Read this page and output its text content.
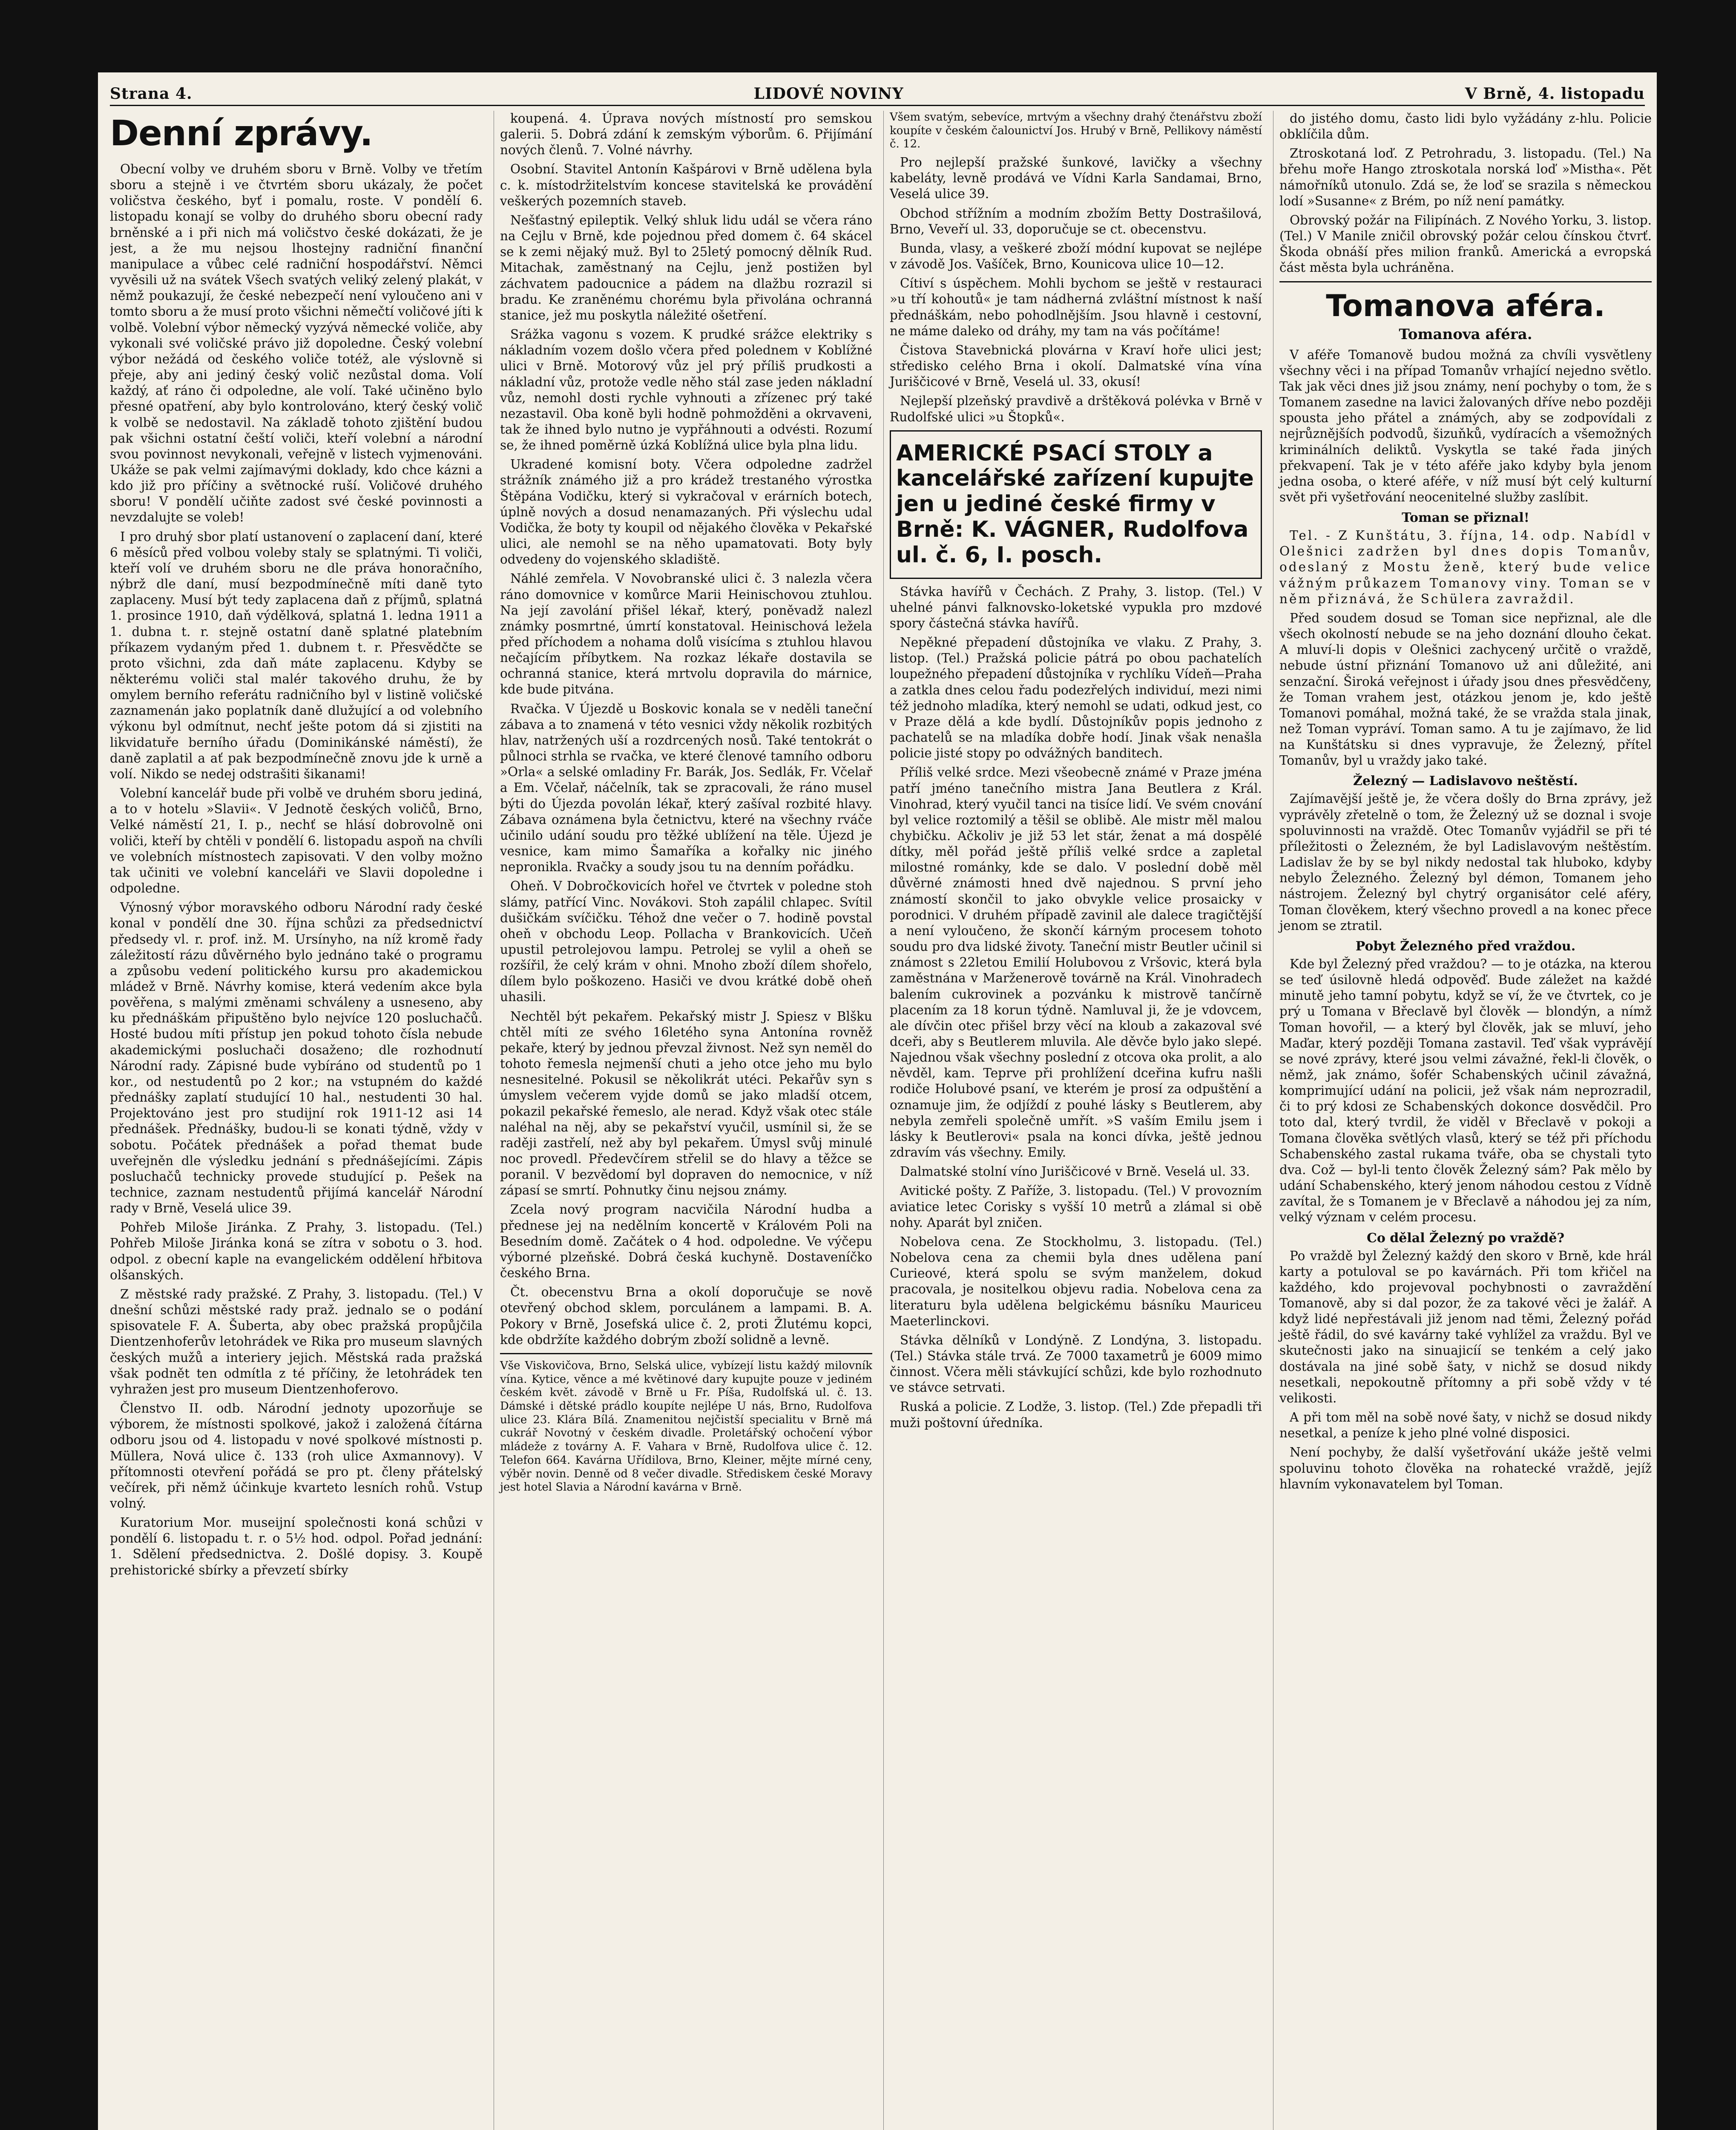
Strana 4.	LIDOVÉ NOVINY	V Brně, 4. listopadu
Denní zprávy.

Obecní volby ve druhém sboru v Brně. Volby ve třetím sboru a stejně i ve čtvrtém sboru ukázaly, že počet voličstva českého, byť i pomalu, roste. V pondělí 6. listopadu konají se volby do druhého sboru obecní rady brněnské a i při nich má voličstvo české dokázati, že je jest, a že mu nejsou lhostejny radniční finanční manipulace a vůbec celé radniční hospodářství. Němci vyvěsili už na svátek Všech svatých veliký zelený plakát, v němž poukazují, že české nebezpečí není vyloučeno ani v tomto sboru a že musí proto všichni němečtí voličové jíti k volbě. Volební výbor německý vyzývá německé voliče, aby vykonali své voličské právo již dopoledne. Český volební výbor nežádá od českého voliče totéž, ale výslovně si přeje, aby ani jediný český volič nezůstal doma. Volí každý, ať ráno či odpoledne, ale volí. Také učiněno bylo přesné opatření, aby bylo kontrolováno, který český volič k volbě se nedostavil. Na základě tohoto zjištění budou pak všichni ostatní čeští voliči, kteří volební a národní svou povinnost nevykonali, veřejně v listech vyjmenováni. Ukáže se pak velmi zajímavými doklady, kdo chce kázni a kdo již pro příčiny a světnocké ruší. Voličové druhého sboru! V pondělí učiňte zadost své české povinnosti a nevzdalujte se voleb!

I pro druhý sbor platí ustanovení o zaplacení daní, které 6 měsíců před volbou voleby staly se splatnými. Ti voliči, kteří volí ve druhém sboru ne dle práva honoračního, nýbrž dle daní, musí bezpodmínečně míti daně tyto zaplaceny. Musí být tedy zaplacena daň z příjmů, splatná 1. prosince 1910, daň výdělková, splatná 1. ledna 1911 a 1. dubna t. r. stejně ostatní daně splatné platebním příkazem vydaným před 1. dubnem t. r. Přesvědčte se proto všichni, zda daň máte zaplacenu. Kdyby se některému voliči stal malér takového druhu, že by omylem berního referátu radničního byl v listině voličské zaznamenán jako poplatník daně dlužující a od volebního výkonu byl odmítnut, nechť ješte potom dá si zjistiti na likvidatuře berního úřadu (Dominikánské náměstí), že daně zaplatil a ať pak bezpodmínečně znovu jde k urně a volí. Nikdo se nedej odstrašiti šikanami!

Volební kancelář bude při volbě ve druhém sboru jediná, a to v hotelu »Slavii«. V Jednotě českých voličů, Brno, Velké náměstí 21, I. p., nechť se hlásí dobrovolně oni voliči, kteří by chtěli v pondělí 6. listopadu aspoň na chvíli ve volebních místnostech zapisovati. V den volby možno tak učiniti ve volební kanceláři ve Slavii dopoledne i odpoledne.

Výnosný výbor moravského odboru Národní rady české konal v pondělí dne 30. října schůzi za předsednictví předsedy vl. r. prof. inž. M. Ursínyho, na níž kromě řady záležitostí rázu důvěrného bylo jednáno také o programu a způsobu vedení politického kursu pro akademickou mládež v Brně. Návrhy komise, která vedením akce byla pověřena, s malými změnami schváleny a usneseno, aby ku přednáškám připuštěno bylo nejvíce 120 posluchačů. Hosté budou míti přístup jen pokud tohoto čísla nebude akademickými posluchači dosaženo; dle rozhodnutí Národní rady. Zápisné bude vybíráno od studentů po 1 kor., od nestudentů po 2 kor.; na vstupném do každé přednášky zaplatí studující 10 hal., nestudenti 30 hal. Projektováno jest pro studijní rok 1911-12 asi 14 přednášek. Přednášky, budou-li se konati týdně, vždy v sobotu. Počátek přednášek a pořad themat bude uveřejněn dle výsledku jednání s přednášejícími. Zápis posluchačů technicky provede studující p. Pešek na technice, zaznam nestudentů přijímá kancelář Národní rady v Brně, Veselá ulice 39.

Pohřeb Miloše Jiránka. Z Prahy, 3. listopadu. (Tel.) Pohřeb Miloše Jiránka koná se zítra v sobotu o 3. hod. odpol. z obecní kaple na evangelickém oddělení hřbitova olšanských.

Z městské rady pražské. Z Prahy, 3. listopadu. (Tel.) V dnešní schůzi městské rady praž. jednalo se o podání spisovatele F. A. Šuberta, aby obec pražská propůjčila Dientzenhoferův letohrádek ve Rika pro museum slavných českých mužů a interiery jejich. Městská rada pražská však podnět ten odmítla z té příčiny, že letohrádek ten vyhražen jest pro museum Dientzenhoferovo.

Členstvo II. odb. Národní jednoty upozorňuje se výborem, že místnosti spolkové, jakož i založená čítárna odboru jsou od 4. listopadu v nové spolkové místnosti p. Müllera, Nová ulice č. 133 (roh ulice Axmannovy). V přítomnosti otevření pořádá se pro pt. členy přátelský večírek, při němž účinkuje kvarteto lesních rohů. Vstup volný.

Kuratorium Mor. museijní společnosti koná schůzi v pondělí 6. listopadu t. r. o 5½ hod. odpol. Pořad jednání: 1. Sdělení předsednictva. 2. Došlé dopisy. 3. Koupě prehistorické sbírky a převzetí sbírky

koupená. 4. Úprava nových místností pro semskou galerii. 5. Dobrá zdání k zemským výborům. 6. Přijímání nových členů. 7. Volné návrhy.

Osobní. Stavitel Antonín Kašpárovi v Brně udělena byla c. k. místodržitelstvím koncese stavitelská ke provádění veškerých pozemních staveb.

Nešťastný epileptik. Velký shluk lidu udál se včera ráno na Cejlu v Brně, kde pojednou před domem č. 64 skácel se k zemi nějaký muž. Byl to 25letý pomocný dělník Rud. Mitachak, zaměstnaný na Cejlu, jenž postižen byl záchvatem padoucnice a pádem na dlažbu rozrazil si bradu. Ke zraněnému chorému byla přivolána ochranná stanice, jež mu poskytla náležité ošetření.

Srážka vagonu s vozem. K prudké srážce elektriky s nákladním vozem došlo včera před polednem v Koblížné ulici v Brně. Motorový vůz jel prý příliš prudkosti a nákladní vůz, protože vedle něho stál zase jeden nákladní vůz, nemohl dosti rychle vyhnouti a zřízenec prý také nezastavil. Oba koně byli hodně pohmožděni a okrvaveni, tak že ihned bylo nutno je vypřáhnouti a odvésti. Rozumí se, že ihned poměrně úzká Koblížná ulice byla plna lidu.

Ukradené komisní boty. Včera odpoledne zadržel strážník známého již a pro krádež trestaného výrostka Štěpána Vodičku, který si vykračoval v erárních botech, úplně nových a dosud nenamazaných. Při výslechu udal Vodička, že boty ty koupil od nějakého člověka v Pekařské ulici, ale nemohl se na něho upamatovati. Boty byly odvedeny do vojenského skladiště.

Náhlé zemřela. V Novobranské ulici č. 3 nalezla včera ráno domovnice v komůrce Marii Heinischovou ztuhlou. Na její zavolání přišel lékař, který, poněvadž nalezl známky posmrtné, úmrtí konstatoval. Heinischová ležela před příchodem a nohama dolů visícíma s ztuhlou hlavou nečajícím příbytkem. Na rozkaz lékaře dostavila se ochranná stanice, která mrtvolu dopravila do márnice, kde bude pitvána.

Rvačka. V Újezdě u Boskovic konala se v neděli taneční zábava a to znamená v této vesnici vždy několik rozbitých hlav, natržených uší a rozdrcených nosů. Také tentokrát o půlnoci strhla se rvačka, ve které členové tamního odboru »Orla« a selské omladiny Fr. Barák, Jos. Sedlák, Fr. Včelař a Em. Včelař, náčelník, tak se zpracovali, že ráno musel býti do Újezda povolán lékař, který zašíval rozbité hlavy. Zábava oznámena byla četnictvu, které na všechny rváče učinilo udání soudu pro těžké ublížení na těle. Újezd je vesnice, kam mimo Šamaříka a kořalky nic jiného nepronikla. Rvačky a soudy jsou tu na denním pořádku.

Oheň. V Dobročkovicích hořel ve čtvrtek v poledne stoh slámy, patřící Vinc. Novákovi. Stoh zapálil chlapec. Svítil dušičkám svíčičku. Téhož dne večer o 7. hodině povstal oheň v obchodu Leop. Pollacha v Brankovicích. Učeň upustil petrolejovou lampu. Petrolej se vylil a oheň se rozšířil, že celý krám v ohni. Mnoho zboží dílem shořelo, dílem bylo poškozeno. Hasiči ve dvou krátké době oheň uhasili.

Nechtěl být pekařem. Pekařský mistr J. Spiesz v Blšku chtěl míti ze svého 16letého syna Antonína rovněž pekaře, který by jednou převzal živnost. Než syn neměl do tohoto řemesla nejmenší chuti a jeho otce jeho mu bylo nesnesitelné. Pokusil se několikrát utéci. Pekařův syn s úmyslem večerem vyjde domů se jako mladší otcem, pokazil pekařské řemeslo, ale nerad. Když však otec stále naléhal na něj, aby se pekařství vyučil, usmínil si, že se raději zastřelí, než aby byl pekařem. Úmysl svůj minulé noc provedl. Předevčírem střelil se do hlavy a těžce se poranil. V bezvědomí byl dopraven do nemocnice, v níž zápasí se smrtí. Pohnutky činu nejsou známy.

Zcela nový program nacvičila Národní hudba a přednese jej na nedělním koncertě v Královém Poli na Besedním domě. Začátek o 4 hod. odpoledne. Ve výčepu výborné plzeňské. Dobrá česká kuchyně. Dostaveníčko českého Brna.

Čt. obecenstvu Brna a okolí doporučuje se nově otevřený obchod sklem, porculánem a lampami. B. A. Pokory v Brně, Josefská ulice č. 2, proti Žlutému kopci, kde obdržíte každého dobrým zboží solidně a levně.

Vše Viskovičova, Brno, Selská ulice, vybízejí listu každý milovník vína. Kytice, věnce a mé květinové dary kupujte pouze v jediném českém květ. závodě v Brně u Fr. Píša, Rudolfská ul. č. 13. Dámské i dětské prádlo koupíte nejlépe U nás, Brno, Rudolfova ulice 23. Klára Bílá. Znamenitou nejčistší specialitu v Brně má cukrář Novotný v českém divadle. Proletářský ochočení výbor mládeže z továrny A. F. Vahara v Brně, Rudolfova ulice č. 12. Telefon 664. Kavárna Uřídilova, Brno, Kleiner, mějte mírné ceny, výběr novin. Denně od 8 večer divadle. Střediskem české Moravy jest hotel Slavia a Národní kavárna v Brně.

Všem svatým, sebevíce, mrtvým a všechny drahý čtenářstvu zboží koupíte v českém čalounictví Jos. Hrubý v Brně, Pellikovy náměstí č. 12.

Pro nejlepší pražské šunkové, lavičky a všechny kabeláty, levně prodává ve Vídni Karla Sandamai, Brno, Veselá ulice 39.

Obchod střížním a modním zbožím Betty Dostrašilová, Brno, Veveří ul. 33, doporučuje se ct. obecenstvu.

Bunda, vlasy, a veškeré zboží módní kupovat se nejlépe v závodě Jos. Vašíček, Brno, Kounicova ulice 10—12.

Cítiví s úspěchem. Mohli bychom se ještě v restauraci »u tří kohoutů« je tam nádherná zvláštní místnost k naší přednáškám, nebo pohodlnějším. Jsou hlavně i cestovní, ne máme daleko od dráhy, my tam na vás počítáme!

Čistova Stavebnická plovárna v Kraví hoře ulici jest; středisko celého Brna i okolí. Dalmatské vína vína Juriščicové v Brně, Veselá ul. 33, okusí!

Nejlepší plzeňský pravdivě a drštěková polévka v Brně v Rudolfské ulici »u Štopků«.

AMERICKÉ PSACÍ STOLY a kancelářské zařízení kupujte jen u jediné české firmy v Brně: K. VÁGNER, Rudolfova ul. č. 6, I. posch.

Stávka havířů v Čechách. Z Prahy, 3. listop. (Tel.) V uhelné pánvi falknovsko-loketské vypukla pro mzdové spory částečná stávka havířů.

Nepěkné přepadení důstojníka ve vlaku. Z Prahy, 3. listop. (Tel.) Pražská policie pátrá po obou pachatelích loupežného přepadení důstojníka v rychlíku Vídeň—Praha a zatkla dnes celou řadu podezřelých individuí, mezi nimi též jednoho mladíka, který nemohl se udati, odkud jest, co v Praze dělá a kde bydlí. Důstojníkův popis jednoho z pachatelů se na mladíka dobře hodí. Jinak však nenašla policie jisté stopy po odvážných banditech.

Příliš velké srdce. Mezi všeobecně známé v Praze jména patří jméno tanečního mistra Jana Beutlera z Král. Vinohrad, který vyučil tanci na tisíce lidí. Ve svém cnování byl velice roztomilý a těšil se oblibě. Ale mistr měl malou chybičku. Ačkoliv je již 53 let stár, ženat a má dospělé dítky, měl pořád ještě příliš velké srdce a zapletal milostné románky, kde se dalo. V poslední době měl důvěrné známosti hned dvě najednou. S první jeho známostí skončil to jako obvykle velice prosaicky v porodnici. V druhém případě zavinil ale dalece tragičtější a není vyloučeno, že skončí kárným procesem tohoto soudu pro dva lidské životy. Taneční mistr Beutler učinil si známost s 22letou Emilií Holubovou z Vršovic, která byla zaměstnána v Marženerově továrně na Král. Vinohradech balením cukrovinek a pozvánku k mistrově tančírně placením za 18 korun týdně. Namluval ji, že je vdovcem, ale dívčin otec přišel brzy věcí na kloub a zakazoval své dceři, aby s Beutlerem mluvila. Ale děvče bylo jako slepé. Najednou však všechny poslední z otcova oka prolit, a alo něvděl, kam. Teprve při prohlížení dceřina kufru našli rodiče Holubové psaní, ve kterém je prosí za odpuštění a oznamuje jim, že odjíždí z pouhé lásky s Beutlerem, aby nebyla zemřeli společně umřít. »S vaším Emilu jsem i lásky k Beutlerovi« psala na konci dívka, ještě jednou zdravím vás všechny. Emily.

Dalmatské stolní víno Juriščicové v Brně. Veselá ul. 33.

Avitické pošty. Z Paříže, 3. listopadu. (Tel.) V provozním aviatice letec Corisky s vyšší 10 metrů a zlámal si obě nohy. Aparát byl zničen.

Nobelova cena. Ze Stockholmu, 3. listopadu. (Tel.) Nobelova cena za chemii byla dnes udělena paní Curieové, která spolu se svým manželem, dokud pracovala, je nositelkou objevu radia. Nobelova cena za literaturu byla udělena belgickému básníku Mauriceu Maeterlinckovi.

Stávka dělníků v Londýně. Z Londýna, 3. listopadu. (Tel.) Stávka stále trvá. Ze 7000 taxametrů je 6009 mimo činnost. Včera měli stávkující schůzi, kde bylo rozhodnuto ve stávce setrvati.

Ruská a policie. Z Lodže, 3. listop. (Tel.) Zde přepadli tři muži poštovní úředníka.

do jistého domu, často lidi bylo vyžádány z-hlu. Policie obklíčila dům.

Ztroskotaná loď. Z Petrohradu, 3. listopadu. (Tel.) Na břehu moře Hango ztroskotala norská loď »Mistha«. Pět námořníků utonulo. Zdá se, že loď se srazila s německou lodí »Susanne« z Brém, po níž není památky.

Obrovský požár na Filipínách. Z Nového Yorku, 3. listop. (Tel.) V Manile zničil obrovský požár celou čínskou čtvrť. Škoda obnáší přes milion franků. Americká a evropská část města byla uchráněna.

Tomanova aféra.
Tomanova aféra.

V aféře Tomanově budou možná za chvíli vysvětleny všechny věci i na případ Tomanův vrhající nejedno světlo. Tak jak věci dnes již jsou známy, není pochyby o tom, že s Tomanem zasedne na lavici žalovaných dříve nebo později spousta jeho přátel a známých, aby se zodpovídali z nejrůznějších podvodů, šizuňků, vydíracích a všemožných kriminálních deliktů. Vyskytla se také řada jiných překvapení. Tak je v této aféře jako kdyby byla jenom jedna osoba, o které aféře, v níž musí být celý kulturní svět při vyšetřování neocenitelné služby zaslíbit.

Toman se přiznal!

Tel. - Z Kunštátu, 3. října, 14. odp. Nabídl v Olešnici zadržen byl dnes dopis Tomanův, odeslaný z Mostu ženě, který bude velice vážným průkazem Tomanovy viny. Toman se v něm přiznává, že Schülera zavraždil.

Před soudem dosud se Toman sice nepřiznal, ale dle všech okolností nebude se na jeho doznání dlouho čekat. A mluví-li dopis v Olešnici zachycený určitě o vraždě, nebude ústní přiznání Tomanovo už ani důležité, ani senzační. Široká veřejnost i úřady jsou dnes přesvědčeny, že Toman vrahem jest, otázkou jenom je, kdo ještě Tomanovi pomáhal, možná také, že se vražda stala jinak, než Toman vypráví. Toman samo. A tu je zajímavo, že lid na Kunštátsku si dnes vypravuje, že Železný, přítel Tomanův, byl u vraždy jako také.

Železný — Ladislavovo neštěstí.

Zajímavější ještě je, že včera došly do Brna zprávy, jež vyprávěly zřetelně o tom, že Železný už se doznal i svoje spoluvinnosti na vraždě. Otec Tomanův vyjádřil se při té příležitosti o Železném, že byl Ladislavovým neštěstím. Ladislav že by se byl nikdy nedostal tak hluboko, kdyby nebylo Železného. Železný byl démon, Tomanem jeho nástrojem. Železný byl chytrý organisátor celé aféry, Toman člověkem, který všechno provedl a na konec přece jenom se ztratil.

Pobyt Železného před vraždou.

Kde byl Železný před vraždou? — to je otázka, na kterou se teď úsilovně hledá odpověď. Bude záležet na každé minutě jeho tamní pobytu, když se ví, že ve čtvrtek, co je prý u Tomana v Břeclavě byl člověk — blondýn, a nímž Toman hovořil, — a který byl člověk, jak se mluví, jeho Maďar, který později Tomana zastavil. Teď však vyprávějí se nové zprávy, které jsou velmi závažné, řekl-li člověk, o němž, jak známo, šofér Schabenských učinil závažná, komprimující udání na policii, jež však nám neprozradil, či to prý kdosi ze Schabenských dokonce dosvědčil. Pro toto dal, který tvrdil, že viděl v Břeclavě v pokoji a Tomana člověka světlých vlasů, který se též při příchodu Schabenského zastal rukama tváře, oba se chystali tyto dva. Což — byl-li tento člověk Železný sám? Pak mělo by udání Schabenského, který jenom náhodou cestou z Vídně zavítal, že s Tomanem je v Břeclavě a náhodou jej za ním, velký význam v celém procesu.

Co dělal Železný po vraždě?

Po vraždě byl Železný každý den skoro v Brně, kde hrál karty a potuloval se po kavárnách. Při tom křičel na každého, kdo projevoval pochybnosti o zavraždění Tomanově, aby si dal pozor, že za takové věci je žalář. A když lidé nepřestávali již jenom nad těmi, Železný pořád ještě řádil, do své kavárny také vyhlížel za vraždu. Byl ve skutečnosti jako na sinuajicíí se tenkém a celý jako dostávala na jiné sobě šaty, v nichž se dosud nikdy nesetkali, nepokoutně přítomny a při sobě vždy v té velikosti.

A při tom měl na sobě nové šaty, v nichž se dosud nikdy nesetkal, a peníze k jeho plné volné disposici.

Není pochyby, že další vyšetřování ukáže ještě velmi spoluvinu tohoto člověka na rohatecké vraždě, jejíž hlavním vykonavatelem byl Toman.
